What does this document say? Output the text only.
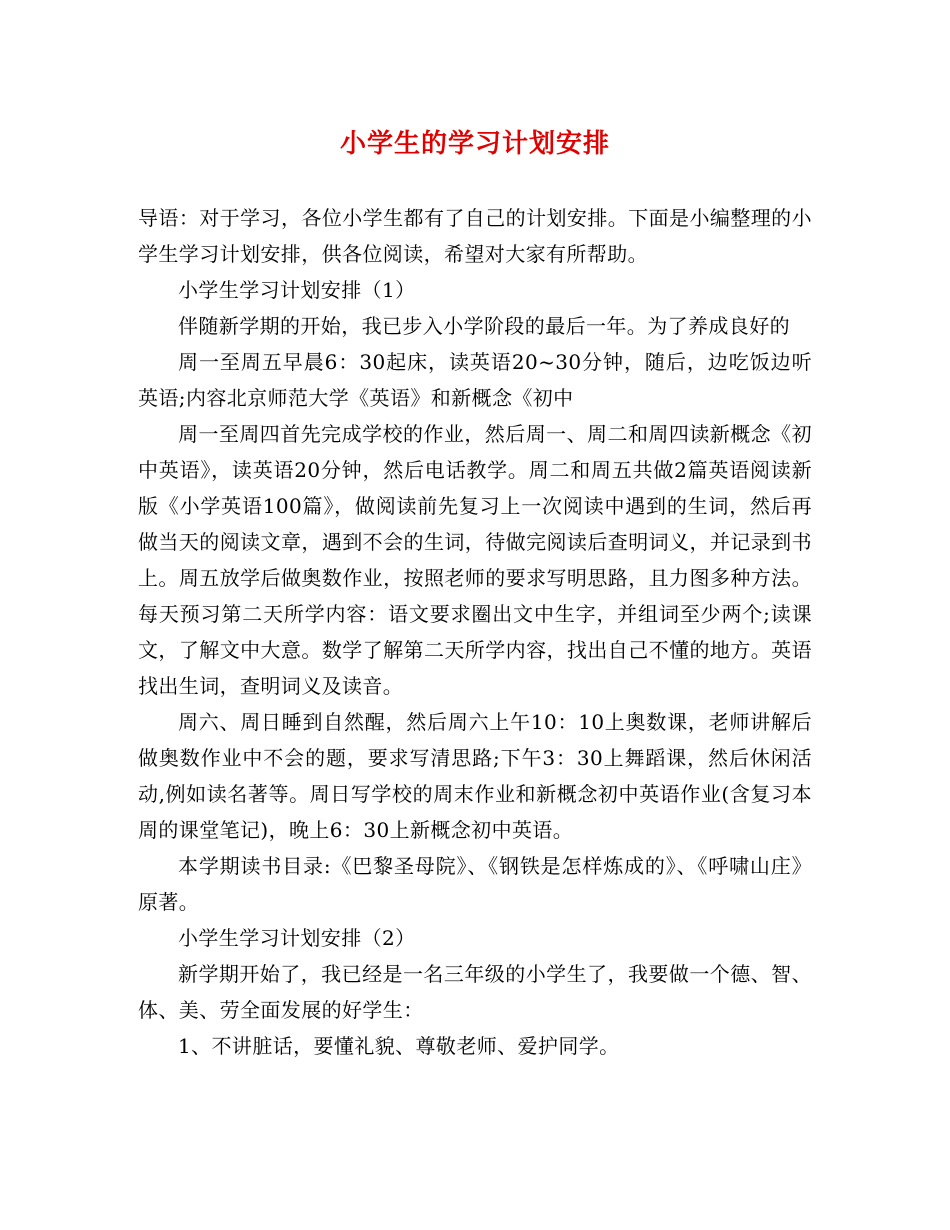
小学生的学习计划安排

导语：对于学习，各位小学生都有了自己的计划安排。下面是小编整理的小学生学习计划安排，供各位阅读，希望对大家有所帮助。

小学生学习计划安排（1）

伴随新学期的开始，我已步入小学阶段的最后一年。为了养成良好的

周一至周五早晨6：30起床，读英语20~30分钟，随后，边吃饭边听英语;内容北京师范大学《英语》和新概念《初中

周一至周四首先完成学校的作业，然后周一、周二和周四读新概念《初中英语》，读英语20分钟，然后电话教学。周二和周五共做2篇英语阅读新版《小学英语100篇》，做阅读前先复习上一次阅读中遇到的生词，然后再做当天的阅读文章，遇到不会的生词，待做完阅读后查明词义，并记录到书上。周五放学后做奥数作业，按照老师的要求写明思路，且力图多种方法。每天预习第二天所学内容：语文要求圈出文中生字，并组词至少两个;读课文，了解文中大意。数学了解第二天所学内容，找出自己不懂的地方。英语找出生词，查明词义及读音。

周六、周日睡到自然醒，然后周六上午10：10上奥数课，老师讲解后做奥数作业中不会的题，要求写清思路;下午3：30上舞蹈课，然后休闲活动,例如读名著等。周日写学校的周末作业和新概念初中英语作业(含复习本周的课堂笔记)，晚上6：30上新概念初中英语。

本学期读书目录:《巴黎圣母院》、《钢铁是怎样炼成的》、《呼啸山庄》原著。

小学生学习计划安排（2）

新学期开始了，我已经是一名三年级的小学生了，我要做一个德、智、体、美、劳全面发展的好学生：

1、不讲脏话，要懂礼貌、尊敬老师、爱护同学。
